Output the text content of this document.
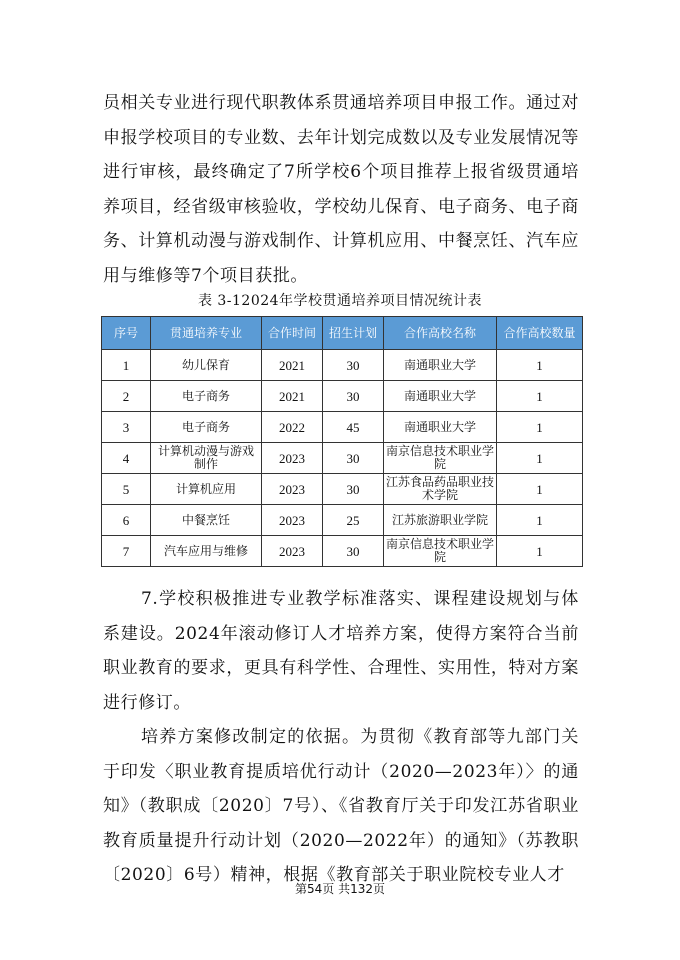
员相关专业进行现代职教体系贯通培养项目申报工作。通过对申报学校项目的专业数、去年计划完成数以及专业发展情况等进行审核，最终确定了7所学校6个项目推荐上报省级贯通培养项目，经省级审核验收，学校幼儿保育、电子商务、电子商务、计算机动漫与游戏制作、计算机应用、中餐烹饪、汽车应用与维修等7个项目获批。

表 3-12024年学校贯通培养项目情况统计表
序号	贯通培养专业	合作时间	招生计划	合作高校名称	合作高校数量
1	幼儿保育	2021	30	南通职业大学	1
2	电子商务	2021	30	南通职业大学	1
3	电子商务	2022	45	南通职业大学	1
4	计算机动漫与游戏制作	2023	30	南京信息技术职业学院	1
5	计算机应用	2023	30	江苏食品药品职业技术学院	1
6	中餐烹饪	2023	25	江苏旅游职业学院	1
7	汽车应用与维修	2023	30	南京信息技术职业学院	1

7.学校积极推进专业教学标准落实、课程建设规划与体系建设。2024年滚动修订人才培养方案，使得方案符合当前职业教育的要求，更具有科学性、合理性、实用性，特对方案进行修订。

培养方案修改制定的依据。为贯彻《教育部等九部门关于印发〈职业教育提质培优行动计（2020—2023年）〉的通知》（教职成〔2020〕7号）、《省教育厅关于印发江苏省职业教育质量提升行动计划（2020—2022年）的通知》（苏教职〔2020〕6号）精神，根据《教育部关于职业院校专业人才

第54页 共132页
